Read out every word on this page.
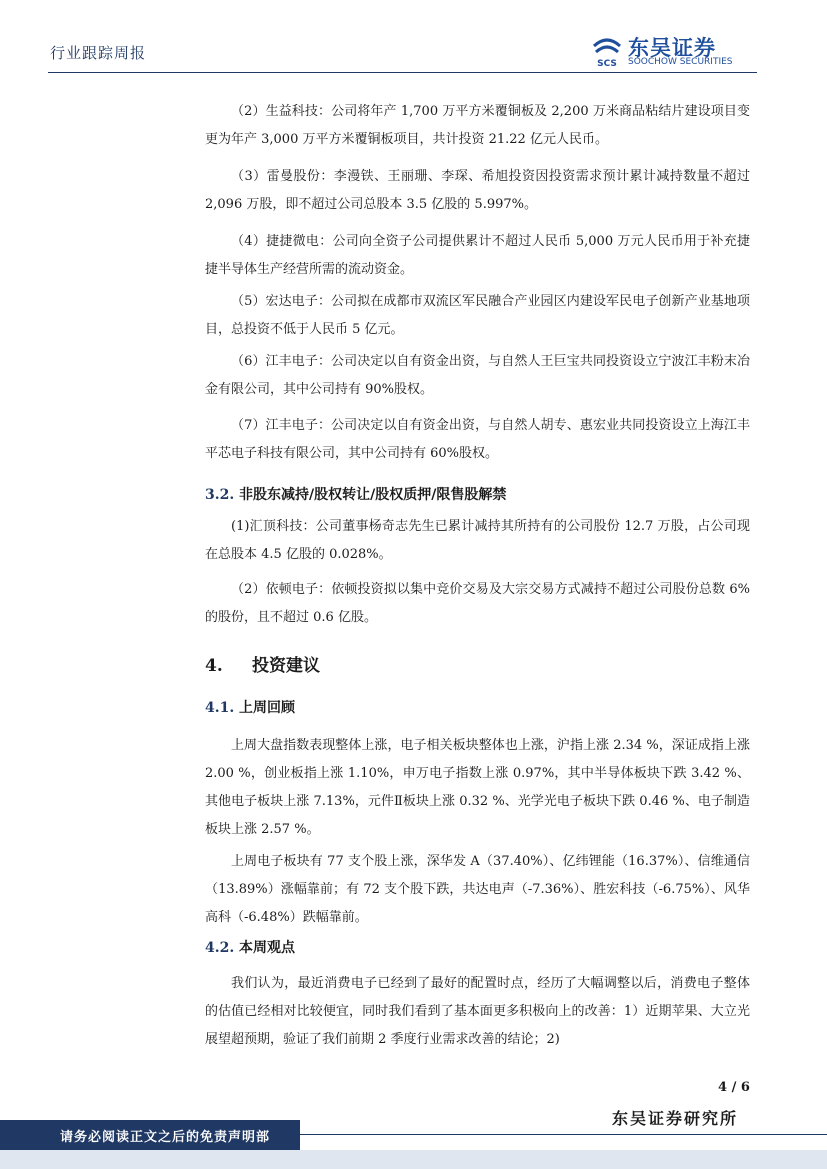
行业跟踪周报
SCS
东吴证券
SOOCHOW SECURITIES
（2）生益科技：公司将年产 1,700 万平方米覆铜板及 2,200 万米商品粘结片建设项目变更为年产 3,000 万平方米覆铜板项目，共计投资 21.22 亿元人民币。
（3）雷曼股份：李漫铁、王丽珊、李琛、希旭投资因投资需求预计累计减持数量不超过 2,096 万股，即不超过公司总股本 3.5 亿股的 5.997%。
（4）捷捷微电：公司向全资子公司提供累计不超过人民币 5,000 万元人民币用于补充捷捷半导体生产经营所需的流动资金。
（5）宏达电子：公司拟在成都市双流区军民融合产业园区内建设军民电子创新产业基地项目，总投资不低于人民币 5 亿元。
（6）江丰电子：公司决定以自有资金出资，与自然人王巨宝共同投资设立宁波江丰粉末冶金有限公司，其中公司持有 90%股权。
（7）江丰电子：公司决定以自有资金出资，与自然人胡专、惠宏业共同投资设立上海江丰平芯电子科技有限公司，其中公司持有 60%股权。
3.2. 非股东减持/股权转让/股权质押/限售股解禁
(1)汇顶科技：公司董事杨奇志先生已累计减持其所持有的公司股份 12.7 万股，占公司现在总股本 4.5 亿股的 0.028%。
（2）依顿电子：依顿投资拟以集中竞价交易及大宗交易方式减持不超过公司股份总数 6%的股份，且不超过 0.6 亿股。
4. 投资建议
4.1. 上周回顾
上周大盘指数表现整体上涨，电子相关板块整体也上涨，沪指上涨 2.34 %，深证成指上涨 2.00 %，创业板指上涨 1.10%，申万电子指数上涨 0.97%，其中半导体板块下跌 3.42 %、其他电子板块上涨 7.13%，元件Ⅱ板块上涨 0.32 %、光学光电子板块下跌 0.46 %、电子制造板块上涨 2.57 %。
上周电子板块有 77 支个股上涨，深华发 A（37.40%）、亿纬锂能（16.37%）、信维通信（13.89%）涨幅靠前；有 72 支个股下跌，共达电声（-7.36%）、胜宏科技（-6.75%）、风华高科（-6.48%）跌幅靠前。
4.2. 本周观点
我们认为，最近消费电子已经到了最好的配置时点，经历了大幅调整以后，消费电子整体的估值已经相对比较便宜，同时我们看到了基本面更多积极向上的改善：1）近期苹果、大立光展望超预期，验证了我们前期 2 季度行业需求改善的结论；2)
4 / 6
东吴证券研究所
请务必阅读正文之后的免责声明部
